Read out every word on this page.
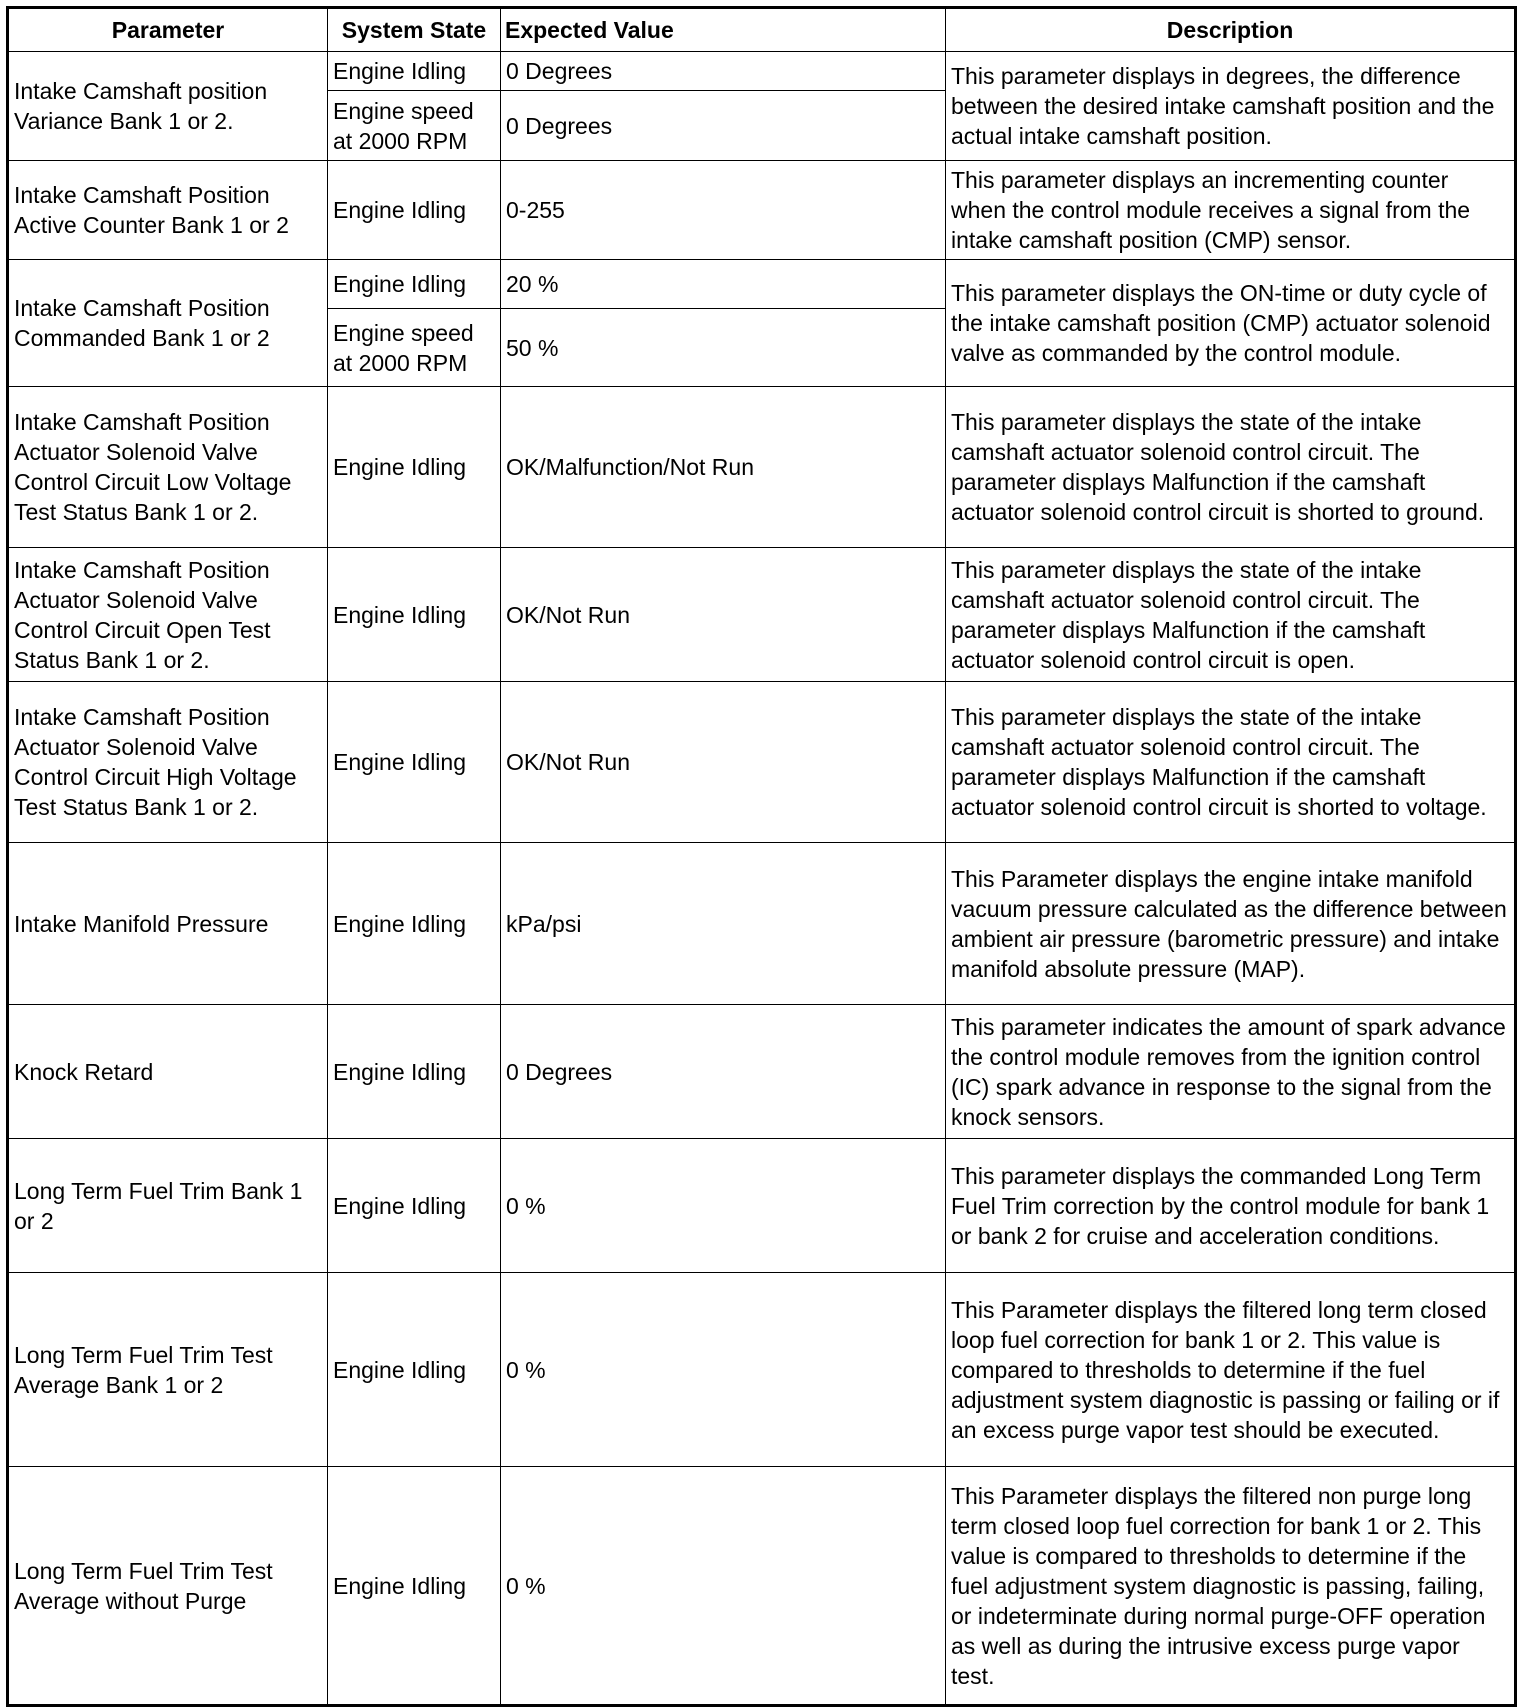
Parameter	System State	Expected Value	Description
Intake Camshaft position Variance Bank 1 or 2.	Engine Idling	0 Degrees	This parameter displays in degrees, the difference between the desired intake camshaft position and the actual intake camshaft position.
	Engine speed at 2000 RPM	0 Degrees	
Intake Camshaft Position Active Counter Bank 1 or 2	Engine Idling	0-255	This parameter displays an incrementing counter when the control module receives a signal from the intake camshaft position (CMP) sensor.
Intake Camshaft Position Commanded Bank 1 or 2	Engine Idling	20 %	This parameter displays the ON-time or duty cycle of the intake camshaft position (CMP) actuator solenoid valve as commanded by the control module.
	Engine speed at 2000 RPM	50 %	
Intake Camshaft Position Actuator Solenoid Valve Control Circuit Low Voltage Test Status Bank 1 or 2.	Engine Idling	OK/Malfunction/Not Run	This parameter displays the state of the intake camshaft actuator solenoid control circuit. The parameter displays Malfunction if the camshaft actuator solenoid control circuit is shorted to ground.
Intake Camshaft Position Actuator Solenoid Valve Control Circuit Open Test Status Bank 1 or 2.	Engine Idling	OK/Not Run	This parameter displays the state of the intake camshaft actuator solenoid control circuit. The parameter displays Malfunction if the camshaft actuator solenoid control circuit is open.
Intake Camshaft Position Actuator Solenoid Valve Control Circuit High Voltage Test Status Bank 1 or 2.	Engine Idling	OK/Not Run	This parameter displays the state of the intake camshaft actuator solenoid control circuit. The parameter displays Malfunction if the camshaft actuator solenoid control circuit is shorted to voltage.
Intake Manifold Pressure	Engine Idling	kPa/psi	This Parameter displays the engine intake manifold vacuum pressure calculated as the difference between ambient air pressure (barometric pressure) and intake manifold absolute pressure (MAP).
Knock Retard	Engine Idling	0 Degrees	This parameter indicates the amount of spark advance the control module removes from the ignition control (IC) spark advance in response to the signal from the knock sensors.
Long Term Fuel Trim Bank 1 or 2	Engine Idling	0 %	This parameter displays the commanded Long Term Fuel Trim correction by the control module for bank 1 or bank 2 for cruise and acceleration conditions.
Long Term Fuel Trim Test Average Bank 1 or 2	Engine Idling	0 %	This Parameter displays the filtered long term closed loop fuel correction for bank 1 or 2. This value is compared to thresholds to determine if the fuel adjustment system diagnostic is passing or failing or if an excess purge vapor test should be executed.
Long Term Fuel Trim Test Average without Purge	Engine Idling	0 %	This Parameter displays the filtered non purge long term closed loop fuel correction for bank 1 or 2. This value is compared to thresholds to determine if the fuel adjustment system diagnostic is passing, failing, or indeterminate during normal purge-OFF operation as well as during the intrusive excess purge vapor test.
